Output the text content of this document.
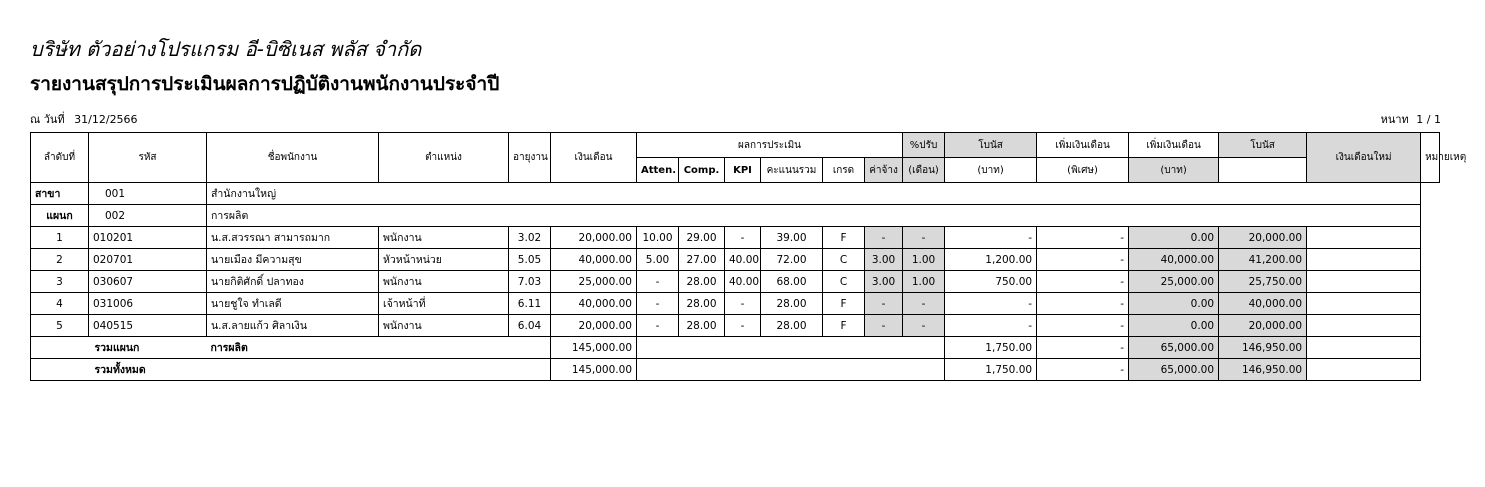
บริษัท ตัวอย่างโปรแกรม อี-บิซิเนส พลัส จำกัด
รายงานสรุปการประเมินผลการปฏิบัติงานพนักงานประจำปี
ณ วันที่ 31/12/2566	หนาท 1 / 1
ลำดับที่	รหัส	ชื่อพนักงาน	ตำแหน่ง	อายุงาน	เงินเดือน	ผลการประเมิน						%ปรับ	โบนัส	เพิ่มเงินเดือน	เพิ่มเงินเดือน	โบนัส	เงินเดือนใหม่	หมายเหตุ
						Atten.	Comp.	KPI	คะแนนรวม	เกรด	ค่าจ้าง	(เดือน)	(บาท)	(พิเศษ)	(บาท)			
สาขา	001	สำนักงานใหญ่																
แผนก	002	การผลิต																
1	010201	น.ส.สวรรณา สามารถมาก	พนักงาน	3.02	20,000.00	10.00	29.00	-	39.00	F	-	-	-	-	0.00	20,000.00		
2	020701	นายเมือง มีความสุข	หัวหน้าหน่วย	5.05	40,000.00	5.00	27.00	40.00	72.00	C	3.00	1.00	1,200.00	-	40,000.00	41,200.00		
3	030607	นายกิติศักดิ์ ปลาทอง	พนักงาน	7.03	25,000.00	-	28.00	40.00	68.00	C	3.00	1.00	750.00	-	25,000.00	25,750.00		
4	031006	นายชูใจ ทำเลดี	เจ้าหน้าที่	6.11	40,000.00	-	28.00	-	28.00	F	-	-	-	-	0.00	40,000.00		
5	040515	น.ส.ลายแก้ว ศิลาเงิน	พนักงาน	6.04	20,000.00	-	28.00	-	28.00	F	-	-	-	-	0.00	20,000.00		
	รวมแผนก	การผลิต			145,000.00								1,750.00	-	65,000.00	146,950.00		
	รวมทั้งหมด				145,000.00								1,750.00	-	65,000.00	146,950.00		
